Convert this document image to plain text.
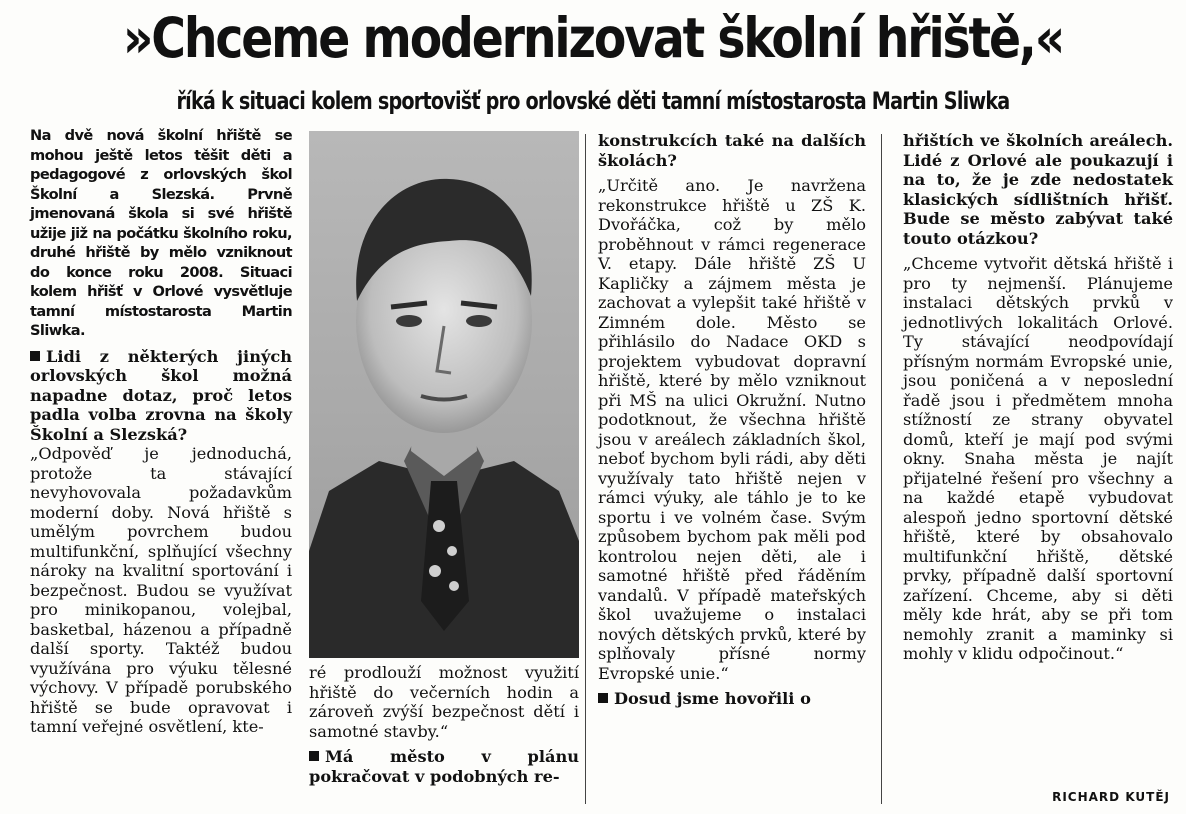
»Chceme modernizovat školní hřiště,«
říká k situaci kolem sportovišť pro orlovské děti tamní místostarosta Martin Sliwka

Na dvě nová školní hřiště se mohou ještě letos těšit děti a pedagogové z orlovských škol Školní a Slezská. Prvně jmenovaná škola si své hřiště užije již na počátku školního roku, druhé hřiště by mělo vzniknout do konce roku 2008. Situaci kolem hřišť v Orlové vysvětluje tamní místostarosta Martin Sliwka.

Lidi z některých jiných orlovských škol možná napadne dotaz, proč letos padla volba zrovna na školy Školní a Slezská?

„Odpověď je jednoduchá, protože ta stávající nevyhovovala požadavkům moderní doby. Nová hřiště s umělým povrchem budou multifunkční, splňující všechny nároky na kvalitní sportování i bezpečnost. Budou se využívat pro minikopanou, volejbal, basketbal, házenou a případně další sporty. Taktéž budou využívána pro výuku tělesné výchovy. V případě porubského hřiště se bude opravovat i tamní veřejné osvětlení, kte-

ré prodlouží možnost využití hřiště do večerních hodin a zároveň zvýší bezpečnost dětí i samotné stavby.“

Má město v plánu pokračovat v podobných re-

konstrukcích také na dalších školách?

„Určitě ano. Je navržena rekonstrukce hřiště u ZŠ K. Dvořáčka, což by mělo proběhnout v rámci regenerace V. etapy. Dále hřiště ZŠ U Kapličky a zájmem města je zachovat a vylepšit také hřiště v Zimném dole. Město se přihlásilo do Nadace OKD s projektem vybudovat dopravní hřiště, které by mělo vzniknout při MŠ na ulici Okružní. Nutno podotknout, že všechna hřiště jsou v areálech základních škol, neboť bychom byli rádi, aby děti využívaly tato hřiště nejen v rámci výuky, ale táhlo je to ke sportu i ve volném čase. Svým způsobem bychom pak měli pod kontrolou nejen děti, ale i samotné hřiště před řáděním vandalů. V případě mateřských škol uvažujeme o instalaci nových dětských prvků, které by splňovaly přísné normy Evropské unie.“

Dosud jsme hovořili o

hřištích ve školních areálech. Lidé z Orlové ale poukazují i na to, že je zde nedostatek klasických sídlištních hřišť. Bude se město zabývat také touto otázkou?

„Chceme vytvořit dětská hřiště i pro ty nejmenší. Plánujeme instalaci dětských prvků v jednotlivých lokalitách Orlové. Ty stávající neodpovídají přísným normám Evropské unie, jsou poničená a v neposlední řadě jsou i předmětem mnoha stížností ze strany obyvatel domů, kteří je mají pod svými okny. Snaha města je najít přijatelné řešení pro všechny a na každé etapě vybudovat alespoň jedno sportovní dětské hřiště, které by obsahovalo multifunkční hřiště, dětské prvky, případně další sportovní zařízení. Chceme, aby si děti měly kde hrát, aby se při tom nemohly zranit a maminky si mohly v klidu odpočinout.“

RICHARD KUTĚJ
